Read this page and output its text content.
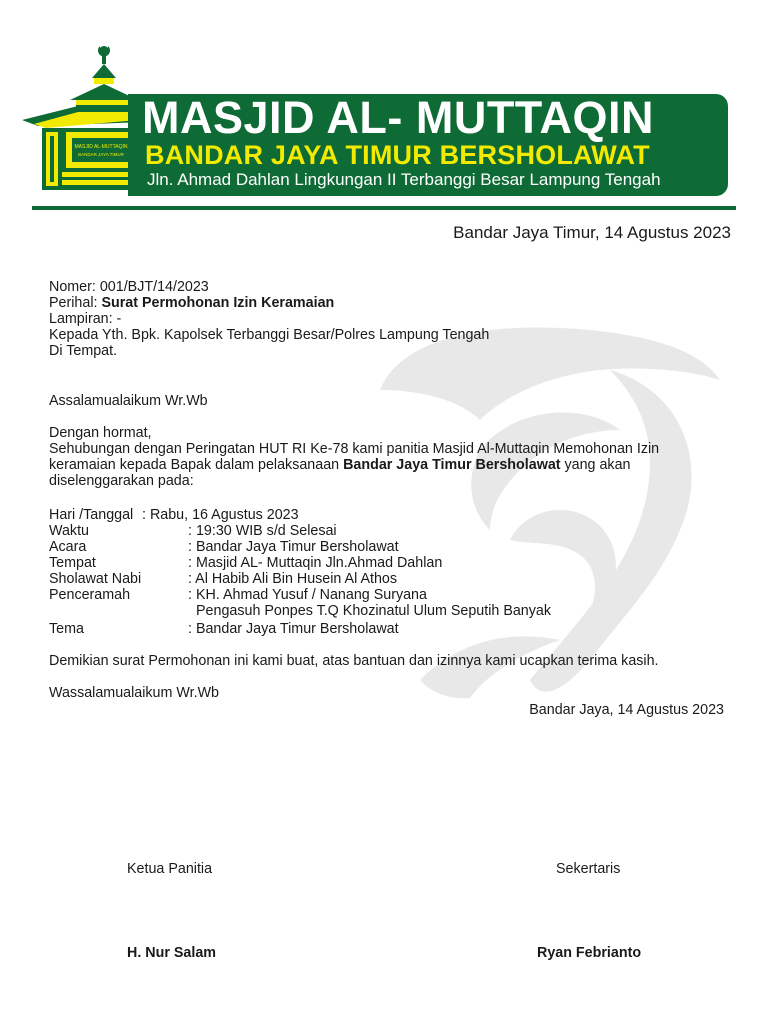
MASJID AL-MUTTAQIN
BANDAR JAYA TIMUR
MASJID AL- MUTTAQIN
BANDAR JAYA TIMUR BERSHOLAWAT
Jln. Ahmad Dahlan Lingkungan II Terbanggi Besar Lampung Tengah
Bandar Jaya Timur, 14 Agustus 2023
Nomer: 001/BJT/14/2023
Perihal: Surat Permohonan Izin Keramaian
Lampiran: -
Kepada Yth. Bpk. Kapolsek Terbanggi Besar/Polres Lampung Tengah
Di Tempat.
Assalamualaikum Wr.Wb
Dengan hormat,
Sehubungan dengan Peringatan HUT RI Ke-78 kami panitia Masjid Al-Muttaqin Memohonan Izin
keramaian kepada Bapak dalam pelaksanaan Bandar Jaya Timur Bersholawat yang akan
diselenggarakan pada:
Hari /Tanggal : Rabu, 16 Agustus 2023
Waktu	: 19:30 WIB s/d Selesai
Acara	: Bandar Jaya Timur Bersholawat
Tempat	: Masjid AL- Muttaqin Jln.Ahmad Dahlan
Sholawat Nabi	: Al Habib Ali Bin Husein Al Athos
Penceramah	: KH. Ahmad Yusuf / Nanang Suryana
Pengasuh Ponpes T.Q Khozinatul Ulum Seputih Banyak
Tema	: Bandar Jaya Timur Bersholawat
Demikian surat Permohonan ini kami buat, atas bantuan dan izinnya kami ucapkan terima kasih.
Wassalamualaikum Wr.Wb
Bandar Jaya, 14 Agustus 2023
Ketua Panitia
H. Nur Salam
Sekertaris
Ryan Febrianto
